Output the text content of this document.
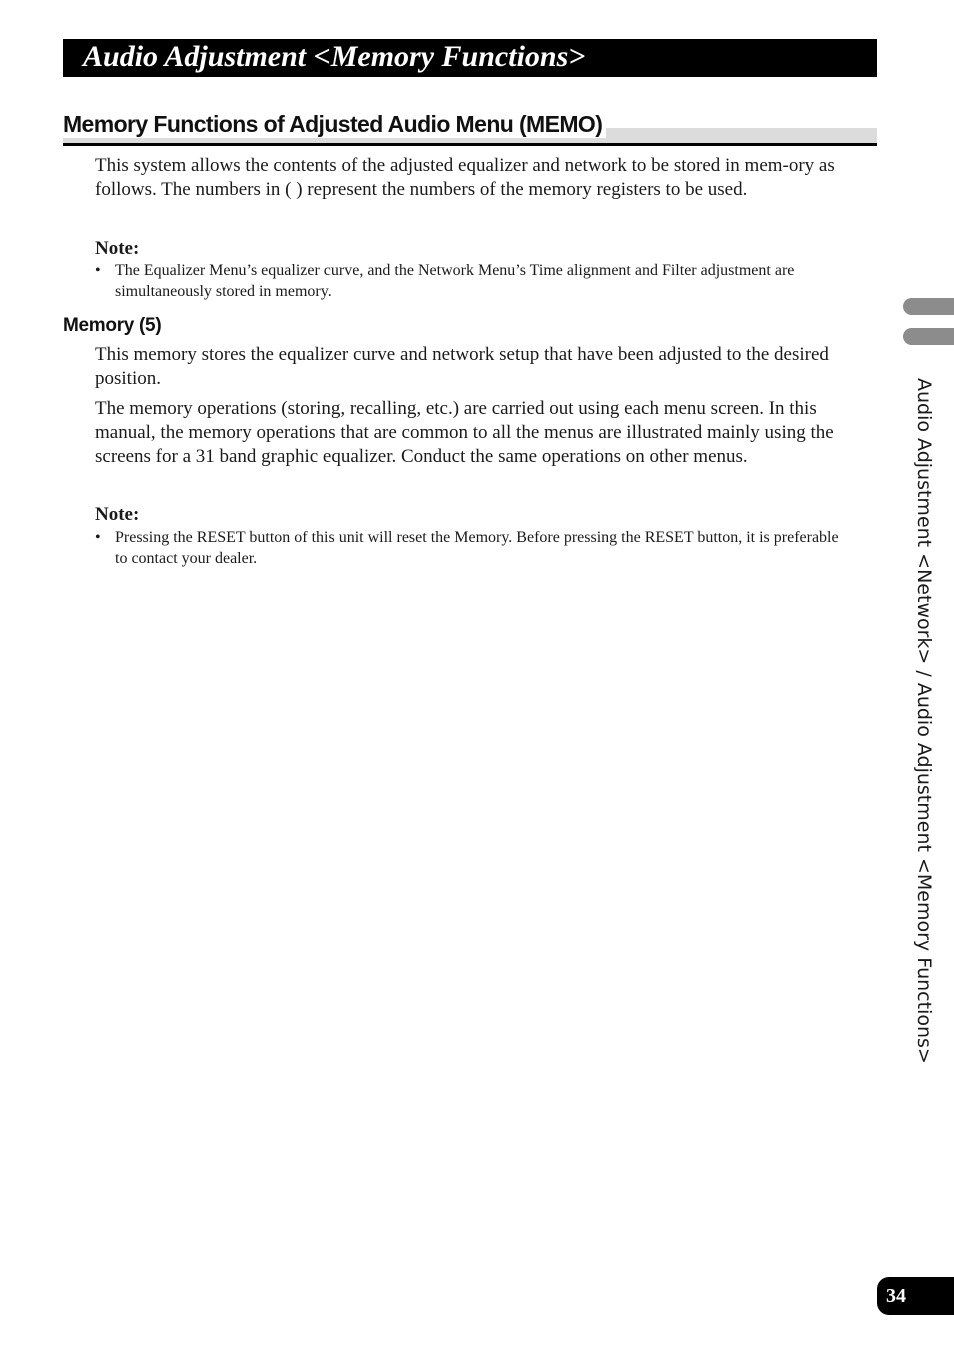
Audio Adjustment <Memory Functions>
Memory Functions of Adjusted Audio Menu (MEMO)

This system allows the contents of the adjusted equalizer and network to be stored in mem-ory as follows. The numbers in ( ) represent the numbers of the memory registers to be used.

Note:

• The Equalizer Menu’s equalizer curve, and the Network Menu’s Time alignment and Filter adjustment are simultaneously stored in memory.
Memory (5)

This memory stores the equalizer curve and network setup that have been adjusted to the desired position.

The memory operations (storing, recalling, etc.) are carried out using each menu screen. In this manual, the memory operations that are common to all the menus are illustrated mainly using the screens for a 31 band graphic equalizer. Conduct the same operations on other menus.

Note:

• Pressing the RESET button of this unit will reset the Memory. Before pressing the RESET button, it is preferable to contact your dealer.	Audio Adjustment <Network> / Audio Adjustment <Memory Functions>
34
